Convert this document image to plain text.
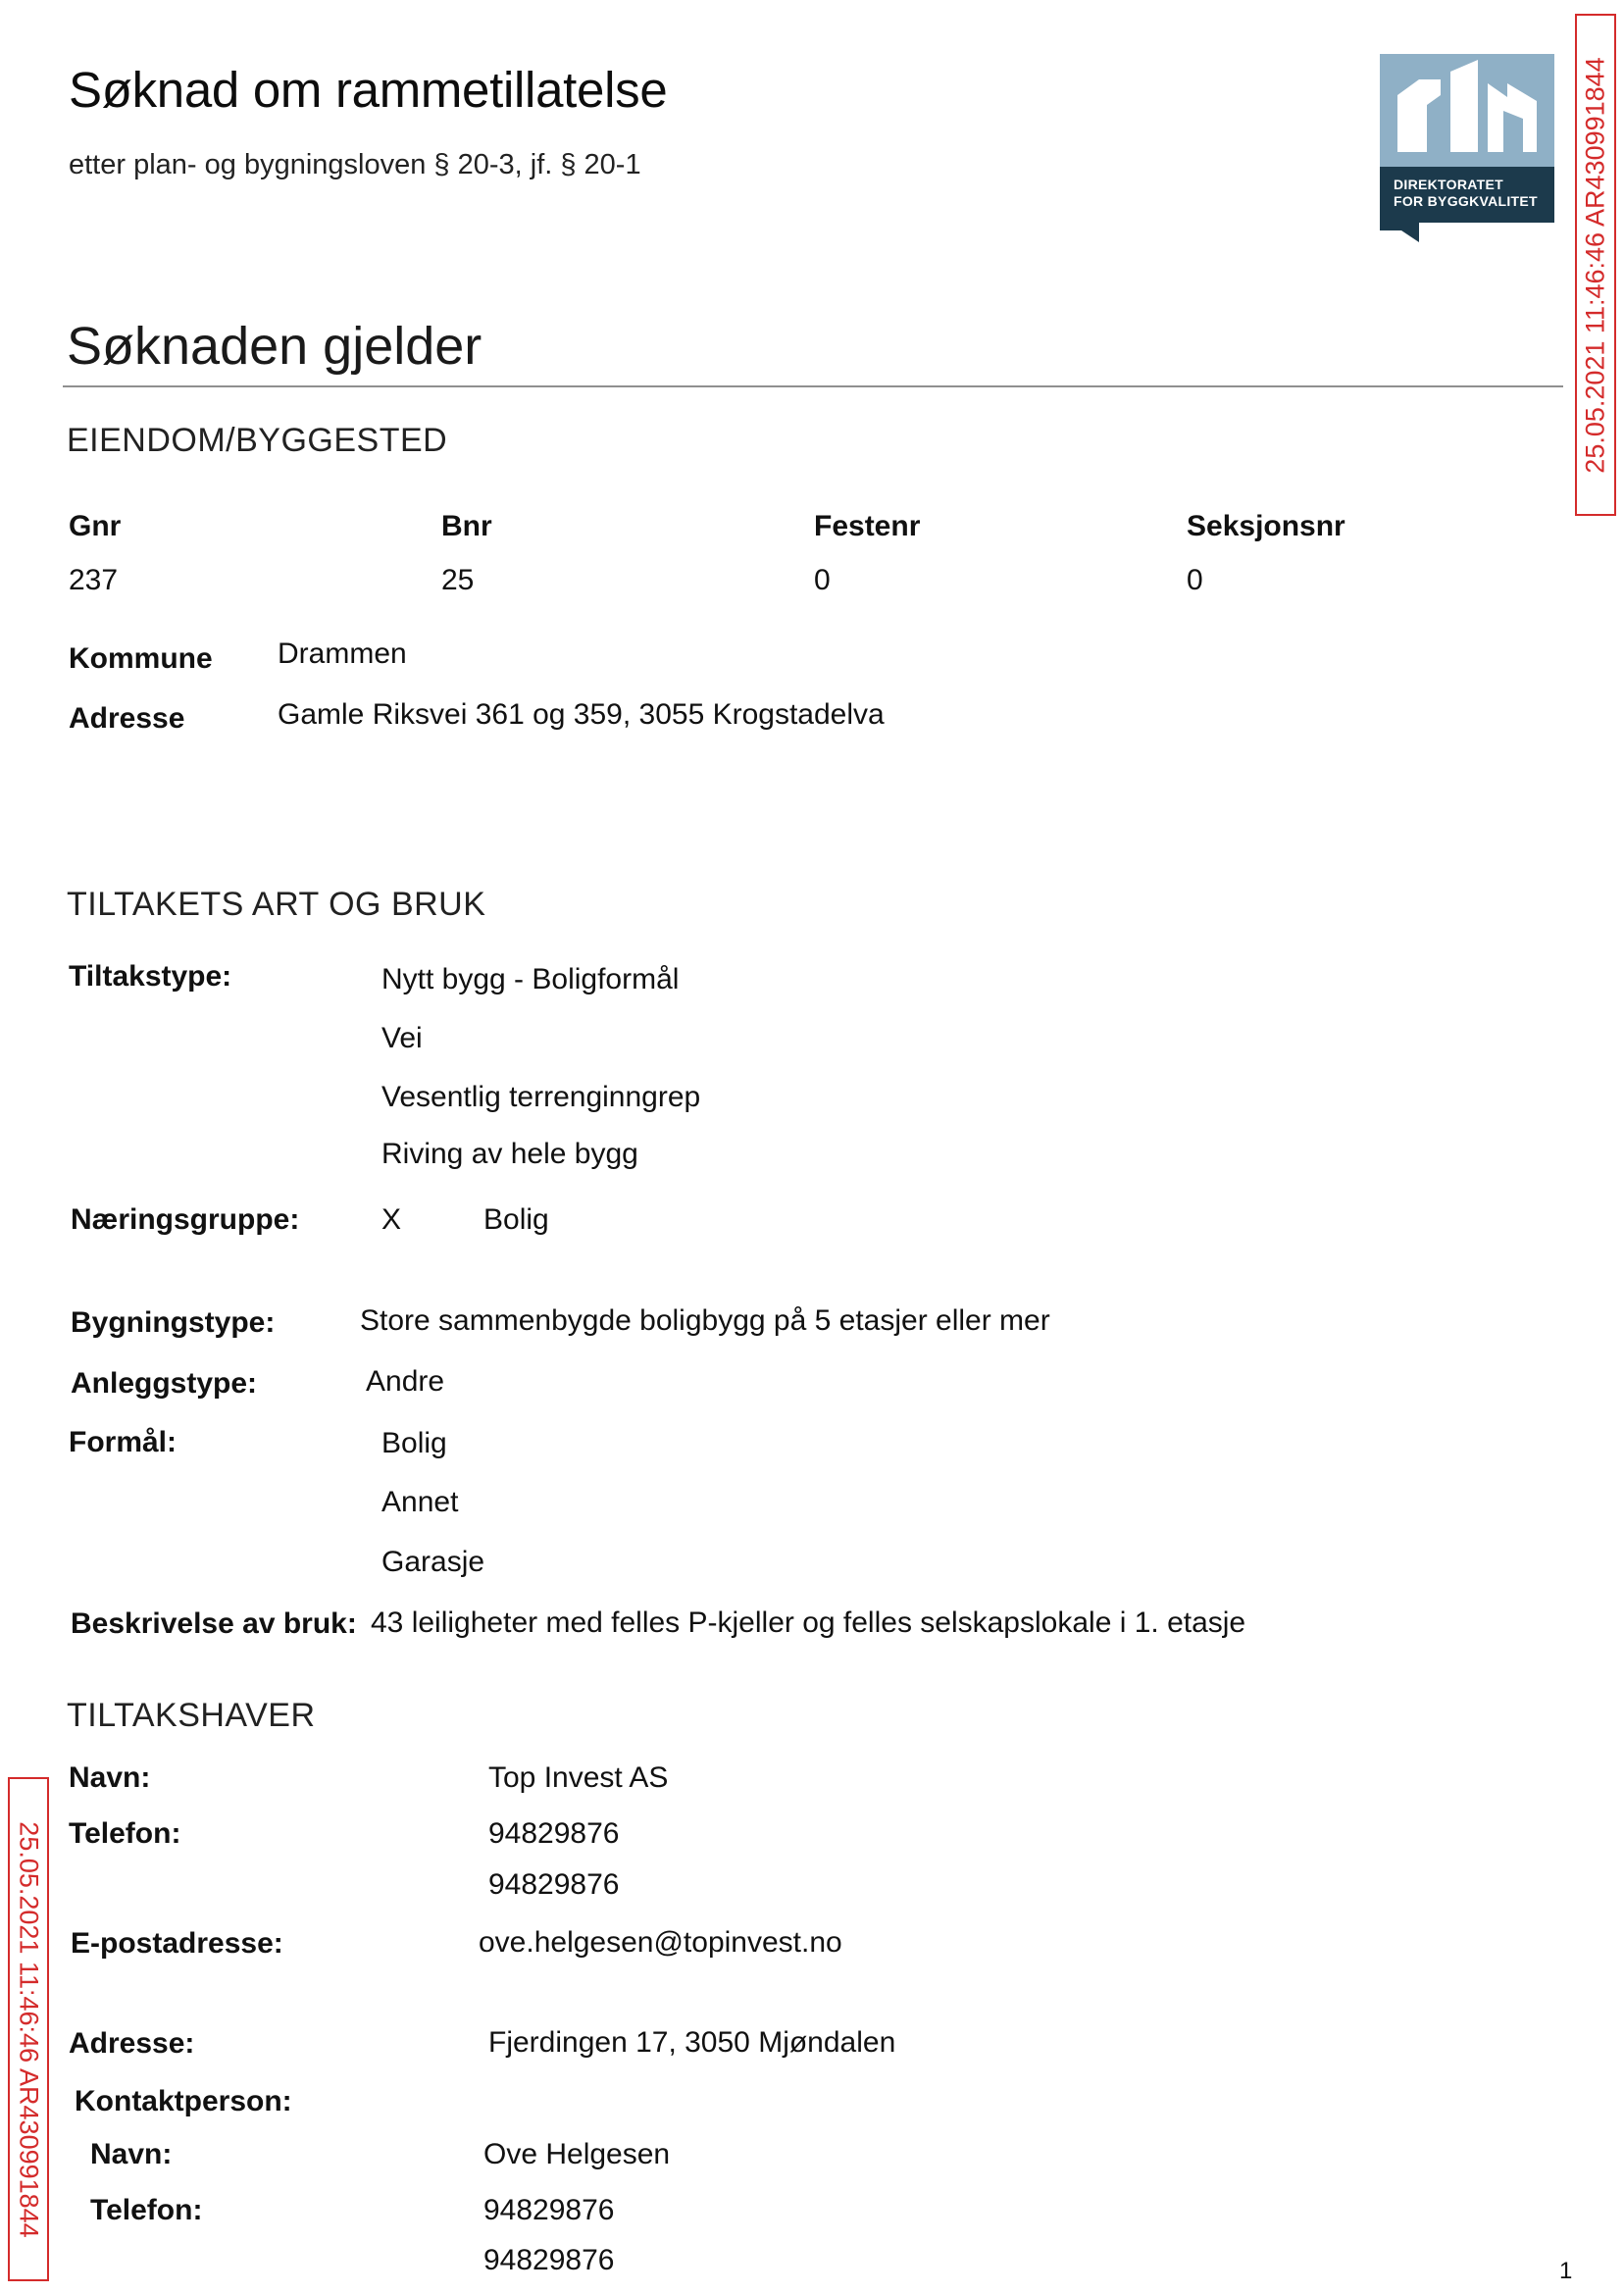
Søknad om rammetillatelse
etter plan- og bygningsloven § 20-3, jf. § 20-1
DIREKTORATET
FOR BYGGKVALITET 25.05.2021 11:46:46 AR430991844
25.05.2021 11:46:46 AR430991844
Søknaden gjelder
EIENDOM/BYGGESTED
Gnr	Bnr	Festenr	Seksjonsnr
237	25	0	0
Kommune Drammen
Adresse	Gamle Riksvei 361 og 359, 3055 Krogstadelva
TILTAKETS ART OG BRUK
Tiltakstype:	Nytt bygg - Boligformål
Vei
Vesentlig terrenginngrep
Riving av hele bygg
Næringsgruppe:	X	Bolig
Bygningstype:	Store sammenbygde boligbygg på 5 etasjer eller mer
Anleggstype:	Andre
Formål:	Bolig
Annet
Garasje
Beskrivelse av bruk: 43 leiligheter med felles P-kjeller og felles selskapslokale i 1. etasje
TILTAKSHAVER
Navn:	Top Invest AS
Telefon:	94829876
94829876
E-postadresse:	ove.helgesen@topinvest.no
Adresse:	Fjerdingen 17, 3050 Mjøndalen
Kontaktperson:
Navn:	Ove Helgesen
Telefon:	94829876
94829876	1
